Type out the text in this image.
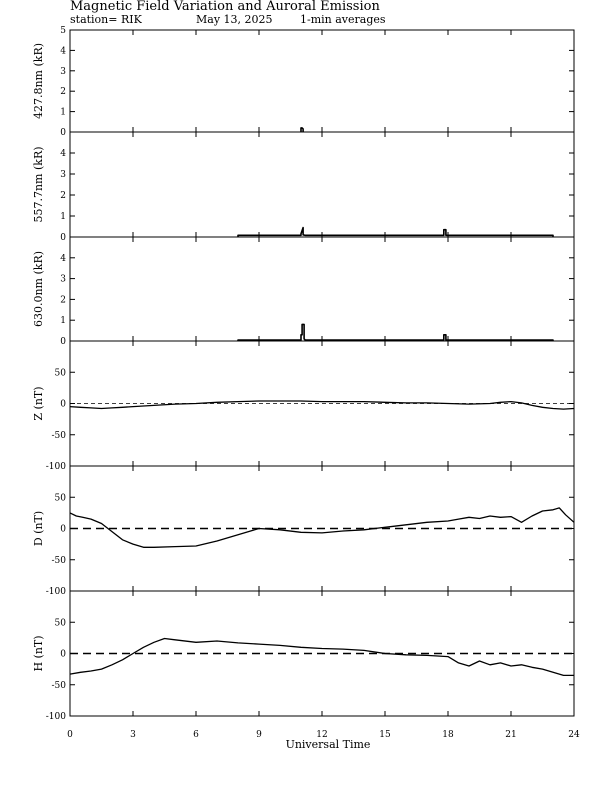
Magnetic Field Variation and Auroral Emission
station= RIK	May 13, 2025 1-min averages
Universal Time
0
1
2
3
4
5
427.8nm (kR)
0
1
2
3
4
557.7nm (kR)
0
1
2
3
4
630.0nm (kR)
-100
-50
0
50
Z (nT)
-100
-50
0
50
D (nT)
-100
-50
0
50
H (nT)
0	3	6	9	12	15	18	21	24
